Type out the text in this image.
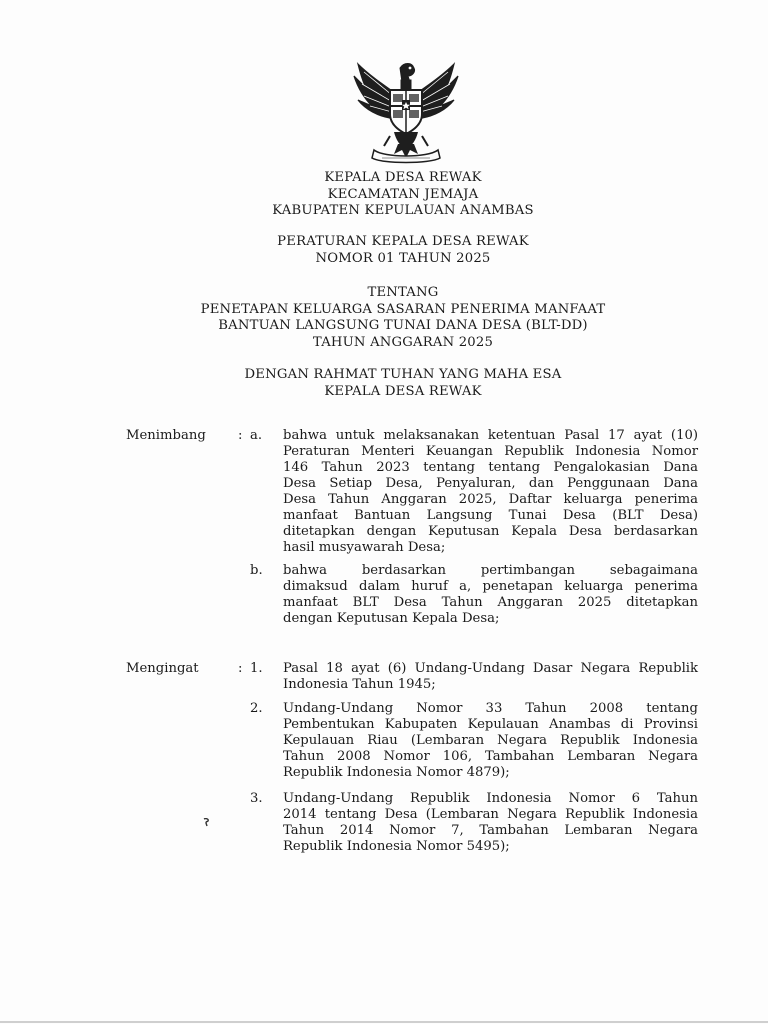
KEPALA DESA REWAK
KECAMATAN JEMAJA
KABUPATEN KEPULAUAN ANAMBAS
PERATURAN KEPALA DESA REWAK
NOMOR 01 TAHUN 2025
TENTANG
PENETAPAN KELUARGA SASARAN PENERIMA MANFAAT
BANTUAN LANGSUNG TUNAI DANA DESA (BLT-DD)
TAHUN ANGGARAN 2025
DENGAN RAHMAT TUHAN YANG MAHA ESA
KEPALA DESA REWAK
Menimbang : a.	bahwa untuk melaksanakan ketentuan Pasal 17 ayat (10)
Peraturan Menteri Keuangan Republik Indonesia Nomor
146 Tahun 2023 tentang tentang Pengalokasian Dana
Desa Setiap Desa, Penyaluran, dan Penggunaan Dana
Desa Tahun Anggaran 2025, Daftar keluarga penerima
manfaat Bantuan Langsung Tunai Desa (BLT Desa)
ditetapkan dengan Keputusan Kepala Desa berdasarkan
hasil musyawarah Desa;
b.	bahwa berdasarkan pertimbangan sebagaimana
dimaksud dalam huruf a, penetapan keluarga penerima
manfaat BLT Desa Tahun Anggaran 2025 ditetapkan
dengan Keputusan Kepala Desa;
Mengingat	: 1.	Pasal 18 ayat (6) Undang-Undang Dasar Negara Republik
Indonesia Tahun 1945;
2.	Undang-Undang Nomor 33 Tahun 2008 tentang
Pembentukan Kabupaten Kepulauan Anambas di Provinsi
Kepulauan Riau (Lembaran Negara Republik Indonesia
Tahun 2008 Nomor 106, Tambahan Lembaran Negara
Republik Indonesia Nomor 4879);
3.	Undang-Undang Republik Indonesia Nomor 6 Tahun
2014 tentang Desa (Lembaran Negara Republik Indonesia
Tahun 2014 Nomor 7, Tambahan Lembaran Negara
Republik Indonesia Nomor 5495);
